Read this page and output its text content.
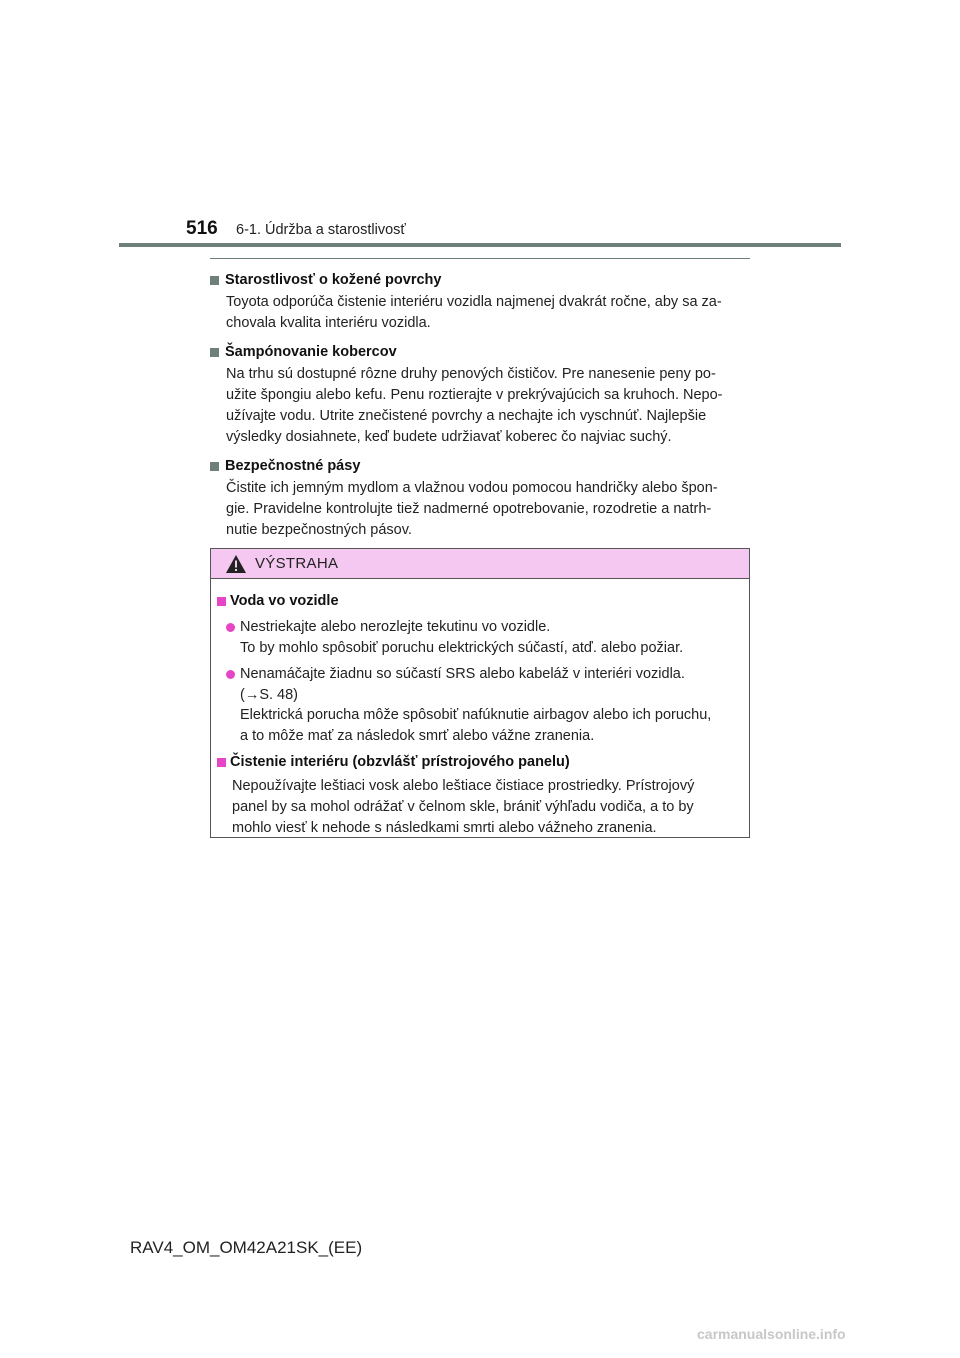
516 6-1. Údržba a starostlivosť
Starostlivosť o kožené povrchy
Toyota odporúča čistenie interiéru vozidla najmenej dvakrát ročne, aby sa za-
chovala kvalita interiéru vozidla.
Šampónovanie kobercov
Na trhu sú dostupné rôzne druhy penových čističov. Pre nanesenie peny po-
užite špongiu alebo kefu. Penu roztierajte v prekrývajúcich sa kruhoch. Nepo-
užívajte vodu. Utrite znečistené povrchy a nechajte ich vyschnúť. Najlepšie
výsledky dosiahnete, keď budete udržiavať koberec čo najviac suchý.
Bezpečnostné pásy
Čistite ich jemným mydlom a vlažnou vodou pomocou handričky alebo špon-
gie. Pravidelne kontrolujte tiež nadmerné opotrebovanie, rozodretie a natrh-
nutie bezpečnostných pásov.
VÝSTRAHA
Voda vo vozidle
Nestriekajte alebo nerozlejte tekutinu vo vozidle.
To by mohlo spôsobiť poruchu elektrických súčastí, atď. alebo požiar.
Nenamáčajte žiadnu so súčastí SRS alebo kabeláž v interiéri vozidla.
(→S. 48)
Elektrická porucha môže spôsobiť nafúknutie airbagov alebo ich poruchu,
a to môže mať za následok smrť alebo vážne zranenia.
Čistenie interiéru (obzvlášť prístrojového panelu)
Nepoužívajte leštiaci vosk alebo leštiace čistiace prostriedky. Prístrojový
panel by sa mohol odrážať v čelnom skle, brániť výhľadu vodiča, a to by
mohlo viesť k nehode s následkami smrti alebo vážneho zranenia.
RAV4_OM_OM42A21SK_(EE)
carmanualsonline.info
